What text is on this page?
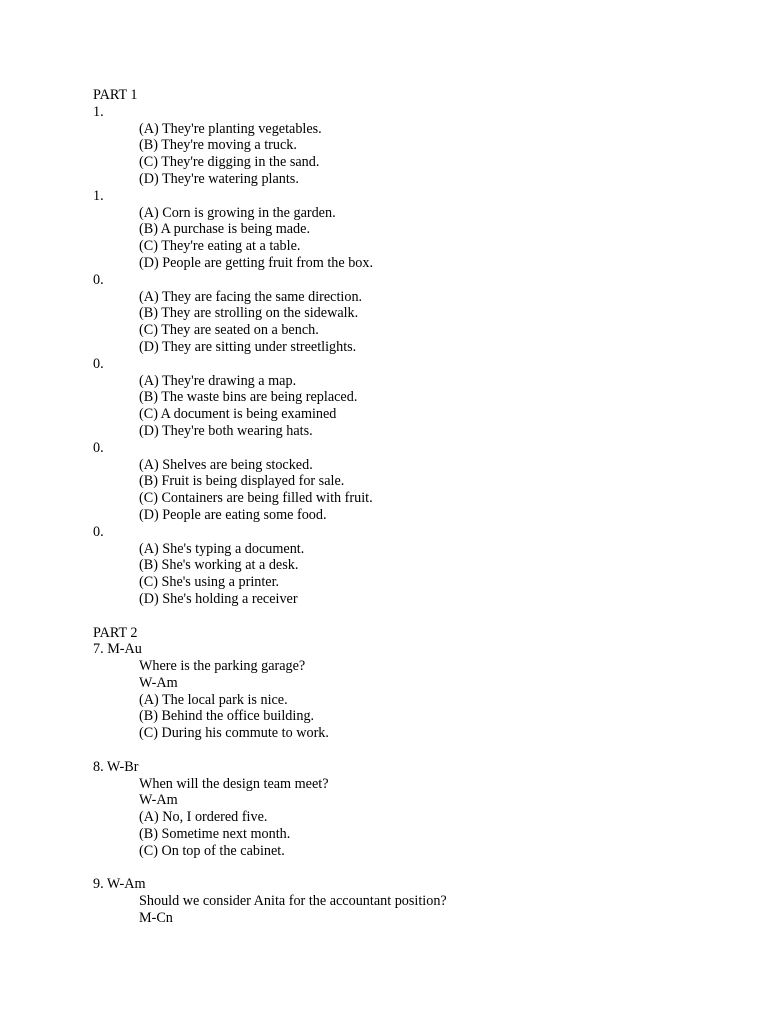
PART 1
1.
(A) They're planting vegetables.
(B) They're moving a truck.
(C) They're digging in the sand.
(D) They're watering plants.
1.
(A) Corn is growing in the garden.
(B) A purchase is being made.
(C) They're eating at a table.
(D) People are getting fruit from the box.
0.
(A) They are facing the same direction.
(B) They are strolling on the sidewalk.
(C) They are seated on a bench.
(D) They are sitting under streetlights.
0.
(A) They're drawing a map.
(B) The waste bins are being replaced.
(C) A document is being examined
(D) They're both wearing hats.
0.
(A) Shelves are being stocked.
(B) Fruit is being displayed for sale.
(C) Containers are being filled with fruit.
(D) People are eating some food.
0.
(A) She's typing a document.
(B) She's working at a desk.
(C) She's using a printer.
(D) She's holding a receiver
PART 2
7. M-Au
Where is the parking garage?
W-Am
(A) The local park is nice.
(B) Behind the office building.
(C) During his commute to work.
8. W-Br
When will the design team meet?
W-Am
(A) No, I ordered five.
(B) Sometime next month.
(C) On top of the cabinet.
9. W-Am
Should we consider Anita for the accountant position?
M-Cn
